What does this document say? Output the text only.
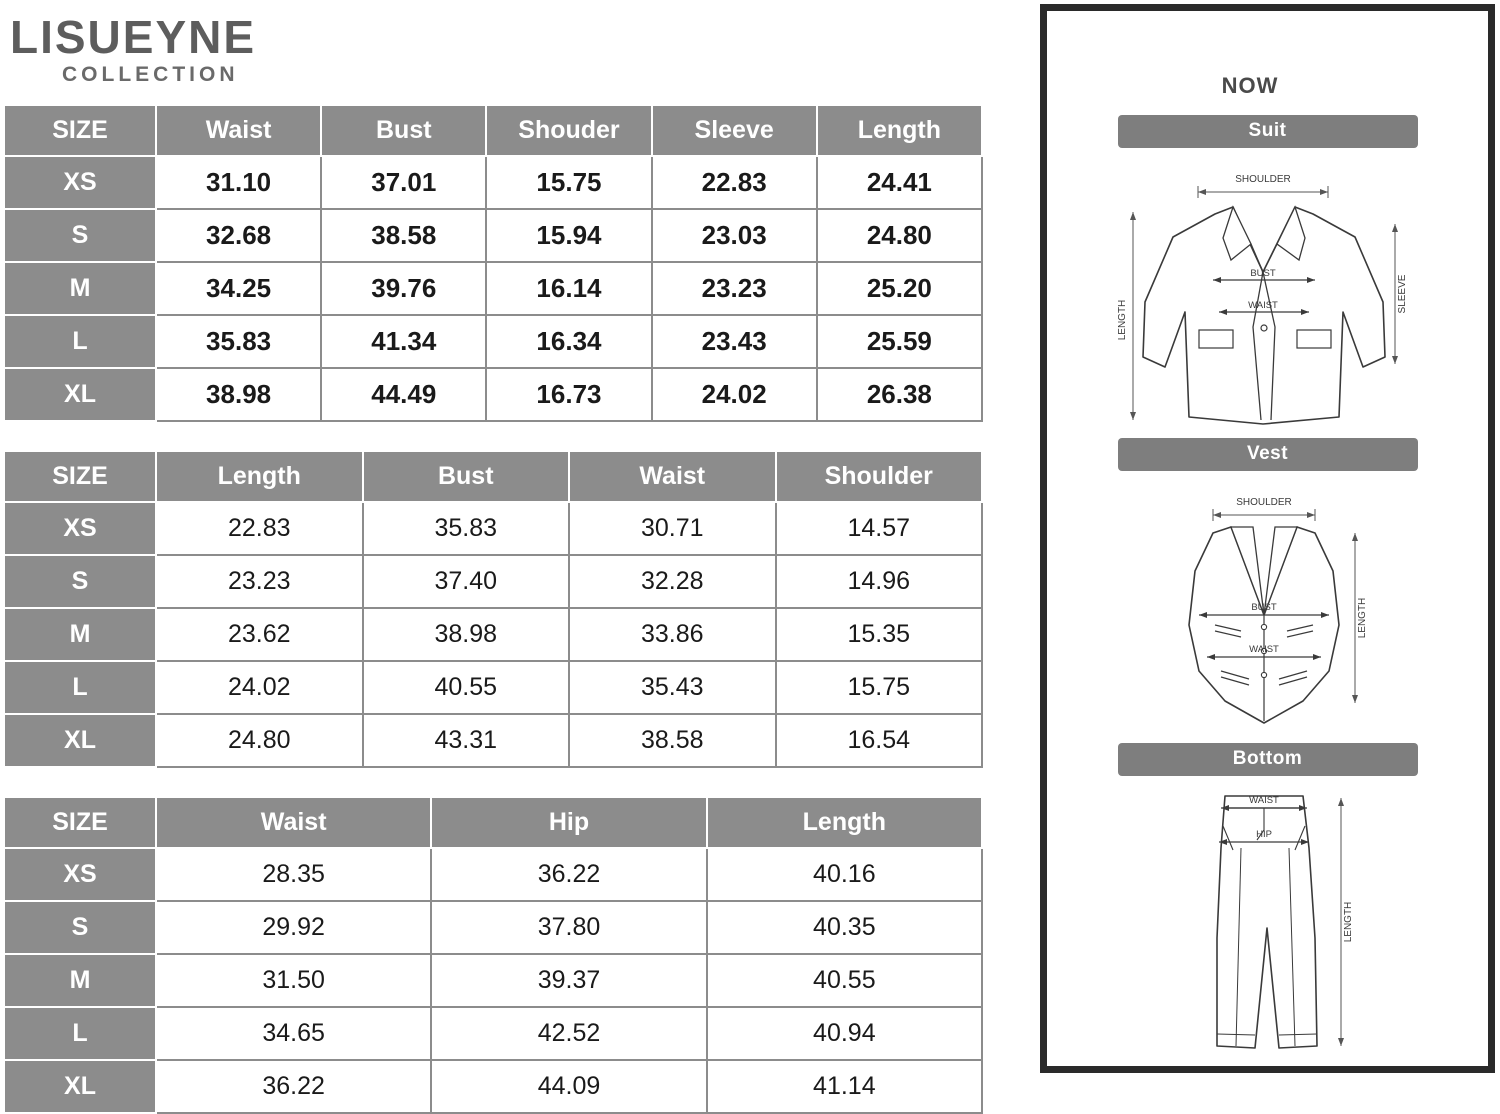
LISUEYNE
COLLECTION
SIZE	Waist	Bust	Shouder	Sleeve	Length
XS	31.10	37.01	15.75	22.83	24.41
S	32.68	38.58	15.94	23.03	24.80
M	34.25	39.76	16.14	23.23	25.20
L	35.83	41.34	16.34	23.43	25.59
XL	38.98	44.49	16.73	24.02	26.38
SIZE	Length	Bust	Waist	Shoulder
XS	22.83	35.83	30.71	14.57
S	23.23	37.40	32.28	14.96
M	23.62	38.98	33.86	15.35
L	24.02	40.55	35.43	15.75
XL	24.80	43.31	38.58	16.54
SIZE	Waist	Hip	Length
XS	28.35	36.22	40.16
S	29.92	37.80	40.35
M	31.50	39.37	40.55
L	34.65	42.52	40.94
XL	36.22	44.09	41.14
NOW
Suit
SHOULDER
BUST
WAIST
LENGTH
SLEEVE
Vest
SHOULDER
BUST
WAIST
LENGTH
Bottom
WAIST
HIP
LENGTH
